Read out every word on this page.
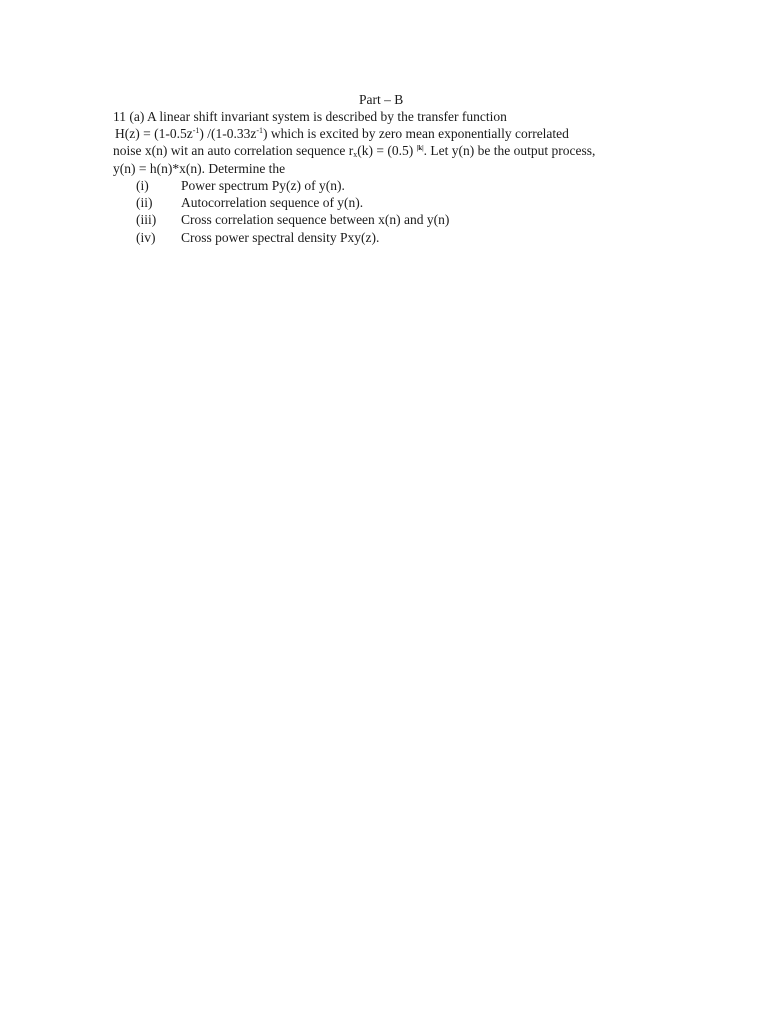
Part – B
11 (a) A linear shift invariant system is described by the transfer function
$H(z) = (1-0.5z^{-1})$ $/(1-0.33z^{-1})$ which is excited by zero mean exponentially correlated
noise x(n) wit an auto correlation sequence $r_x(k) = (0.5)$ $^{|k|}$. Let y(n) be the output process,
y(n) = h(n)*x(n). Determine the
(i) Power spectrum Py(z) of y(n).
(ii) Autocorrelation sequence of y(n).
(iii) Cross correlation sequence between x(n) and y(n)
(iv) Cross power spectral density Pxy(z).
